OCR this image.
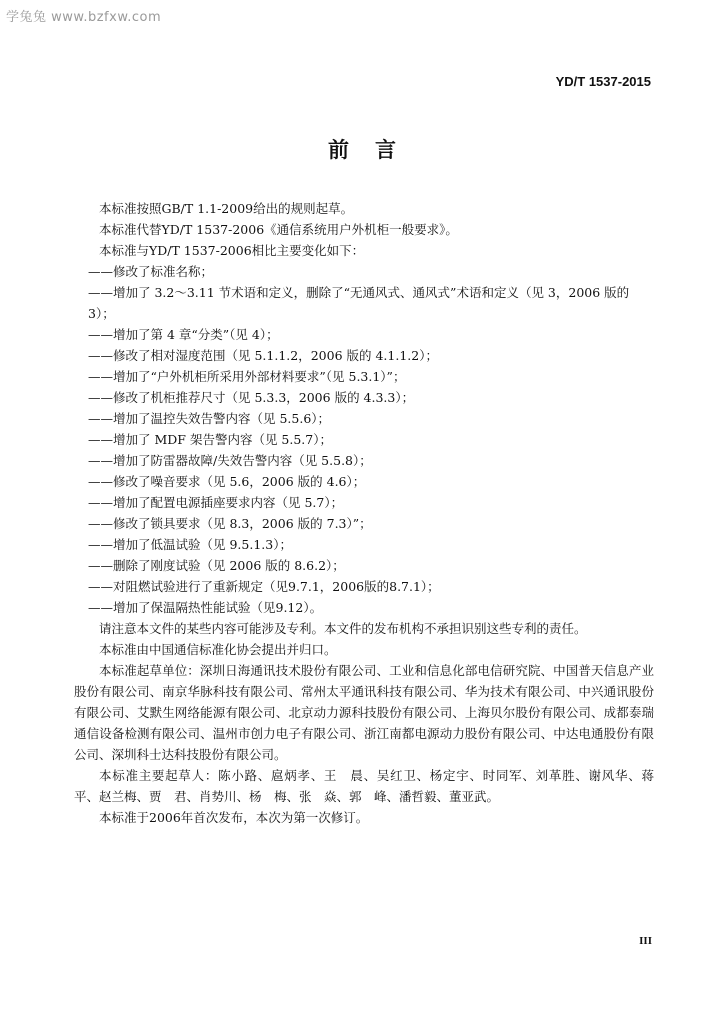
学兔兔 www.bzfxw.com
YD/T 1537-2015
前言

本标准按照GB/T 1.1-2009给出的规则起草。

本标准代替YD/T 1537-2006《通信系统用户外机柜一般要求》。

本标准与YD/T 1537-2006相比主要变化如下：

——修改了标准名称；

——增加了 3.2～3.11 节术语和定义，删除了“无通风式、通风式”术语和定义（见 3，2006 版的 3）；

——增加了第 4 章“分类”（见 4）；

——修改了相对湿度范围（见 5.1.1.2，2006 版的 4.1.1.2）；

——增加了“户外机柜所采用外部材料要求”（见 5.3.1）”；

——修改了机柜推荐尺寸（见 5.3.3，2006 版的 4.3.3）；

——增加了温控失效告警内容（见 5.5.6）；

——增加了 MDF 架告警内容（见 5.5.7）；

——增加了防雷器故障/失效告警内容（见 5.5.8）；

——修改了噪音要求（见 5.6，2006 版的 4.6）；

——增加了配置电源插座要求内容（见 5.7）；

——修改了锁具要求（见 8.3，2006 版的 7.3）”；

——增加了低温试验（见 9.5.1.3）；

——删除了刚度试验（见 2006 版的 8.6.2）；

——对阻燃试验进行了重新规定（见9.7.1，2006版的8.7.1）；

——增加了保温隔热性能试验（见9.12）。

请注意本文件的某些内容可能涉及专利。本文件的发布机构不承担识别这些专利的责任。

本标准由中国通信标准化协会提出并归口。

本标准起草单位：深圳日海通讯技术股份有限公司、工业和信息化部电信研究院、中国普天信息产业股份有限公司、南京华脉科技有限公司、常州太平通讯科技有限公司、华为技术有限公司、中兴通讯股份有限公司、艾默生网络能源有限公司、北京动力源科技股份有限公司、上海贝尔股份有限公司、成都泰瑞通信设备检测有限公司、温州市创力电子有限公司、浙江南都电源动力股份有限公司、中达电通股份有限公司、深圳科士达科技股份有限公司。

本标准主要起草人：陈小路、扈炳孝、王　晨、吴红卫、杨定宇、时同军、刘革胜、谢风华、蒋　平、赵兰梅、贾　君、肖势川、杨　梅、张　焱、郭　峰、潘哲毅、董亚武。

本标准于2006年首次发布，本次为第一次修订。

III
